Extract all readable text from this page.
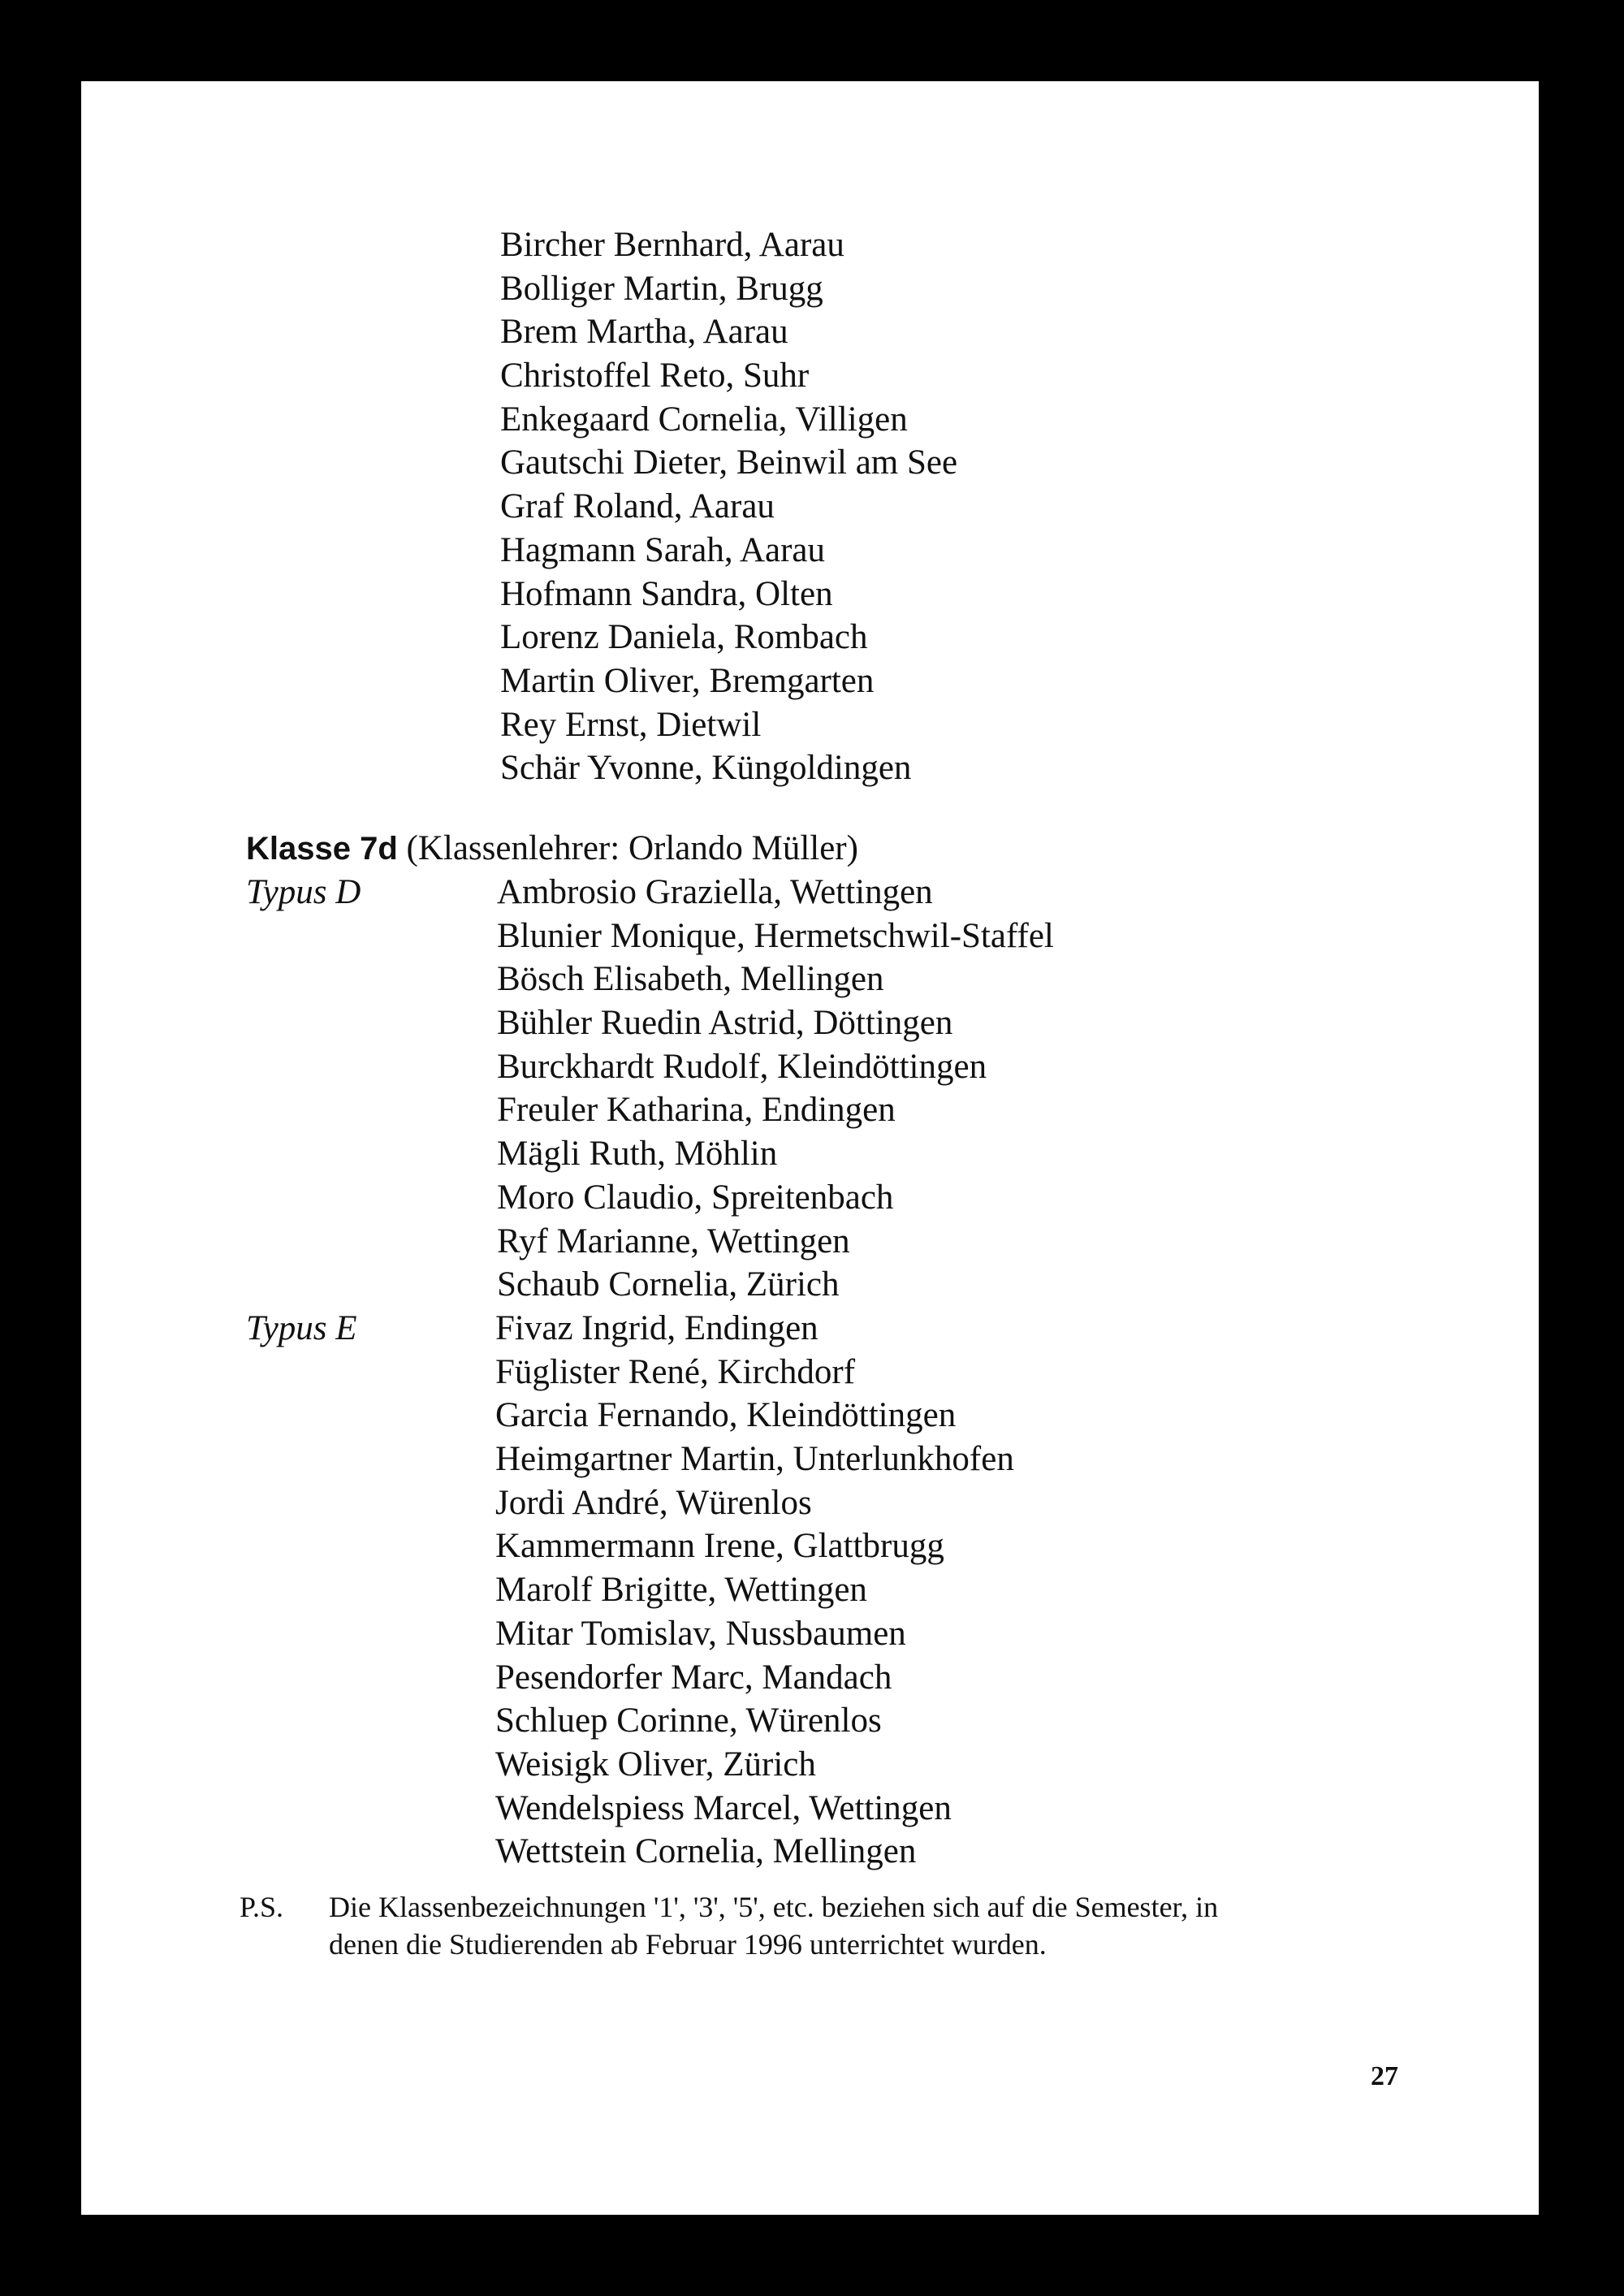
Bircher Bernhard, Aarau
Bolliger Martin, Brugg
Brem Martha, Aarau
Christoffel Reto, Suhr
Enkegaard Cornelia, Villigen
Gautschi Dieter, Beinwil am See
Graf Roland, Aarau
Hagmann Sarah, Aarau
Hofmann Sandra, Olten
Lorenz Daniela, Rombach
Martin Oliver, Bremgarten
Rey Ernst, Dietwil
Schär Yvonne, Küngoldingen
Klasse 7d (Klassenlehrer: Orlando Müller)
Typus D	Ambrosio Graziella, Wettingen
Blunier Monique, Hermetschwil-Staffel
Bösch Elisabeth, Mellingen
Bühler Ruedin Astrid, Döttingen
Burckhardt Rudolf, Kleindöttingen
Freuler Katharina, Endingen
Mägli Ruth, Möhlin
Moro Claudio, Spreitenbach
Ryf Marianne, Wettingen
Schaub Cornelia, Zürich
Typus E	Fivaz Ingrid, Endingen
Füglister René, Kirchdorf
Garcia Fernando, Kleindöttingen
Heimgartner Martin, Unterlunkhofen
Jordi André, Würenlos
Kammermann Irene, Glattbrugg
Marolf Brigitte, Wettingen
Mitar Tomislav, Nussbaumen
Pesendorfer Marc, Mandach
Schluep Corinne, Würenlos
Weisigk Oliver, Zürich
Wendelspiess Marcel, Wettingen
Wettstein Cornelia, Mellingen
P.S. Die Klassenbezeichnungen '1', '3', '5', etc. beziehen sich auf die Semester, in
denen die Studierenden ab Februar 1996 unterrichtet wurden.
27
